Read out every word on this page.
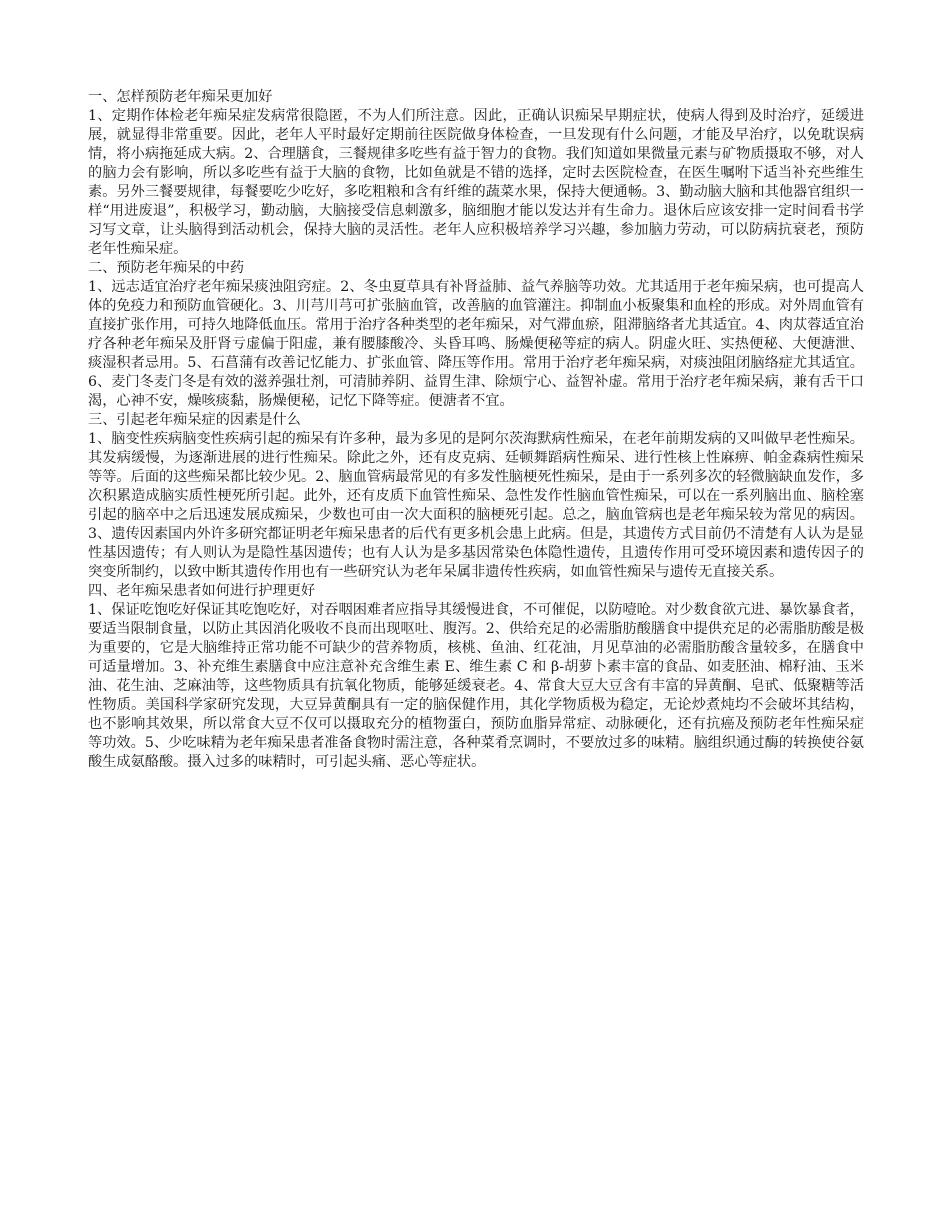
一、怎样预防老年痴呆更加好

1、定期作体检老年痴呆症发病常很隐匿，不为人们所注意。因此，正确认识痴呆早期症状，使病人得到及时治疗，延缓进展，就显得非常重要。因此，老年人平时最好定期前往医院做身体检查，一旦发现有什么问题，才能及早治疗，以免耽误病情，将小病拖延成大病。2、合理膳食，三餐规律多吃些有益于智力的食物。我们知道如果微量元素与矿物质摄取不够，对人的脑力会有影响，所以多吃些有益于大脑的食物，比如鱼就是不错的选择，定时去医院检查，在医生嘱咐下适当补充些维生素。另外三餐要规律，每餐要吃少吃好，多吃粗粮和含有纤维的蔬菜水果，保持大便通畅。3、勤动脑大脑和其他器官组织一样“用进废退”，积极学习，勤动脑，大脑接受信息刺激多，脑细胞才能以发达并有生命力。退休后应该安排一定时间看书学习写文章，让头脑得到活动机会，保持大脑的灵活性。老年人应积极培养学习兴趣，参加脑力劳动，可以防病抗衰老，预防老年性痴呆症。

二、预防老年痴呆的中药

1、远志适宜治疗老年痴呆痰浊阻窍症。2、冬虫夏草具有补肾益肺、益气养脑等功效。尤其适用于老年痴呆病，也可提高人体的免疫力和预防血管硬化。3、川芎川芎可扩张脑血管，改善脑的血管灌注。抑制血小板聚集和血栓的形成。对外周血管有直接扩张作用，可持久地降低血压。常用于治疗各种类型的老年痴呆，对气滞血瘀，阻滞脑络者尤其适宜。4、肉苁蓉适宜治疗各种老年痴呆及肝肾亏虚偏于阳虚，兼有腰膝酸冷、头昏耳鸣、肠燥便秘等症的病人。阴虚火旺、实热便秘、大便溏泄、痰湿积者忌用。5、石菖蒲有改善记忆能力、扩张血管、降压等作用。常用于治疗老年痴呆病，对痰浊阻闭脑络症尤其适宜。6、麦门冬麦门冬是有效的滋养强壮剂，可清肺养阴、益胃生津、除烦宁心、益智补虚。常用于治疗老年痴呆病，兼有舌干口渴，心神不安，燥咳痰黏，肠燥便秘，记忆下降等症。便溏者不宜。

三、引起老年痴呆症的因素是什么

1、脑变性疾病脑变性疾病引起的痴呆有许多种，最为多见的是阿尔茨海默病性痴呆，在老年前期发病的又叫做早老性痴呆。其发病缓慢，为逐渐进展的进行性痴呆。除此之外，还有皮克病、廷顿舞蹈病性痴呆、进行性核上性麻痹、帕金森病性痴呆等等。后面的这些痴呆都比较少见。2、脑血管病最常见的有多发性脑梗死性痴呆，是由于一系列多次的轻微脑缺血发作，多次积累造成脑实质性梗死所引起。此外，还有皮质下血管性痴呆、急性发作性脑血管性痴呆，可以在一系列脑出血、脑栓塞引起的脑卒中之后迅速发展成痴呆，少数也可由一次大面积的脑梗死引起。总之，脑血管病也是老年痴呆较为常见的病因。3、遗传因素国内外许多研究都证明老年痴呆患者的后代有更多机会患上此病。但是，其遗传方式目前仍不清楚有人认为是显性基因遗传；有人则认为是隐性基因遗传；也有人认为是多基因常染色体隐性遗传，且遗传作用可受环境因素和遗传因子的突变所制约，以致中断其遗传作用也有一些研究认为老年呆属非遗传性疾病，如血管性痴呆与遗传无直接关系。

四、老年痴呆患者如何进行护理更好

1、保证吃饱吃好保证其吃饱吃好，对吞咽困难者应指导其缓慢进食，不可催促，以防噎呛。对少数食欲亢进、暴饮暴食者，要适当限制食量，以防止其因消化吸收不良而出现呕吐、腹泻。2、供给充足的必需脂肪酸膳食中提供充足的必需脂肪酸是极为重要的，它是大脑维持正常功能不可缺少的营养物质，核桃、鱼油、红花油，月见草油的必需脂肪酸含量较多，在膳食中可适量增加。3、补充维生素膳食中应注意补充含维生素 E、维生素 C 和 β-胡萝卜素丰富的食品、如麦胚油、棉籽油、玉米油、花生油、芝麻油等，这些物质具有抗氧化物质，能够延缓衰老。4、常食大豆大豆含有丰富的异黄酮、皂甙、低聚糖等活性物质。美国科学家研究发现，大豆异黄酮具有一定的脑保健作用，其化学物质极为稳定，无论炒煮炖均不会破坏其结构，也不影响其效果，所以常食大豆不仅可以摄取充分的植物蛋白，预防血脂异常症、动脉硬化，还有抗癌及预防老年性痴呆症等功效。5、少吃味精为老年痴呆患者准备食物时需注意，各种菜肴烹调时，不要放过多的味精。脑组织通过酶的转换使谷氨酸生成氨酪酸。摄入过多的味精时，可引起头痛、恶心等症状。
